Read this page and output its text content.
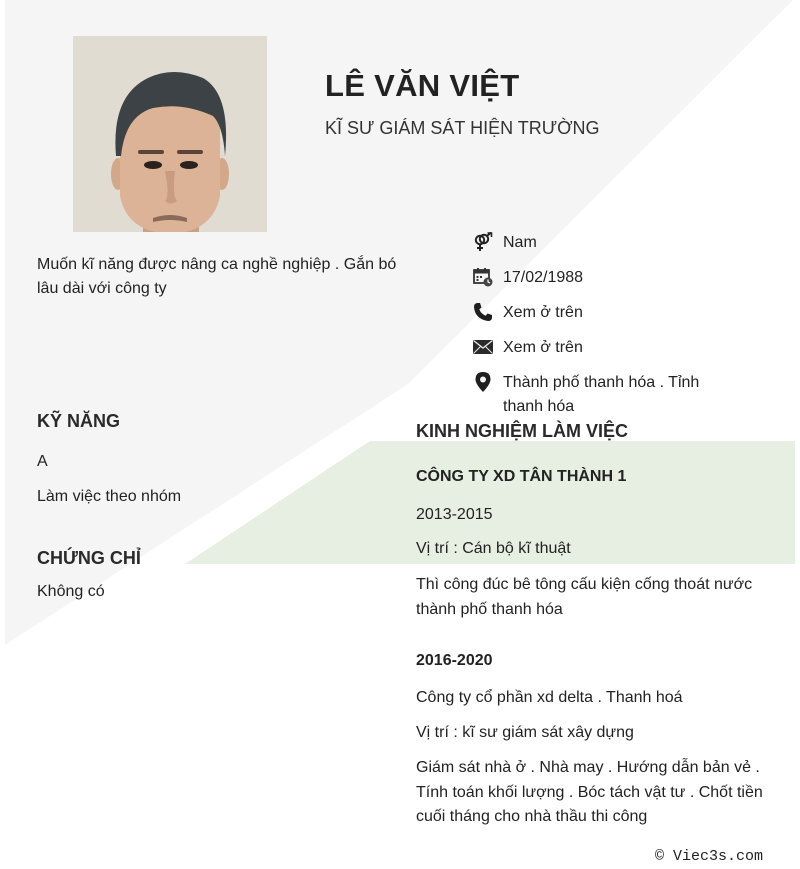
LÊ VĂN VIỆT
KĨ SƯ GIÁM SÁT HIỆN TRƯỜNG
Muốn kĩ năng được nâng ca nghề nghiệp . Gắn bó lâu dài với công ty
Nam
17/02/1988
Xem ở trên
Xem ở trên
Thành phố thanh hóa . Tỉnh thanh hóa
KỸ NĂNG
A
Làm việc theo nhóm
CHỨNG CHỈ
Không có
KINH NGHIỆM LÀM VIỆC
CÔNG TY XD TÂN THÀNH 1
2013-2015
Vị trí : Cán bộ kĩ thuật
Thì công đúc bê tông cấu kiện cống thoát nước thành phố thanh hóa
2016-2020
Công ty cổ phần xd delta . Thanh hoá
Vị trí : kĩ sư giám sát xây dựng
Giám sát nhà ở . Nhà may . Hướng dẫn bản vẻ . Tính toán khối lượng . Bóc tách vật tư . Chốt tiền cuối tháng cho nhà thầu thi công
© Viec3s.com
